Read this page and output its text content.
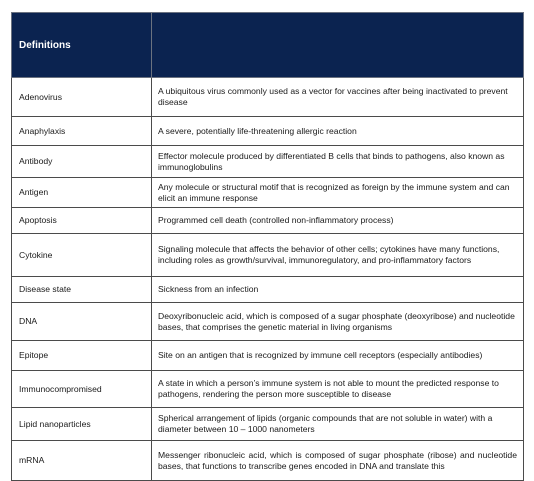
Definitions	
Adenovirus	A ubiquitous virus commonly used as a vector for vaccines after being inactivated to prevent disease
Anaphylaxis	A severe, potentially life-threatening allergic reaction
Antibody	Effector molecule produced by differentiated B cells that binds to pathogens, also known as immunoglobulins
Antigen	Any molecule or structural motif that is recognized as foreign by the immune system and can elicit an immune response
Apoptosis	Programmed cell death (controlled non-inflammatory process)
Cytokine	Signaling molecule that affects the behavior of other cells; cytokines have many functions, including roles as growth/survival, immunoregulatory, and pro-inflammatory factors
Disease state	Sickness from an infection
DNA	Deoxyribonucleic acid, which is composed of a sugar phosphate (deoxyribose) and nucleotide bases, that comprises the genetic material in living organisms
Epitope	Site on an antigen that is recognized by immune cell receptors (especially antibodies)
Immunocompromised	A state in which a person’s immune system is not able to mount the predicted response to pathogens, rendering the person more susceptible to disease
Lipid nanoparticles	Spherical arrangement of lipids (organic compounds that are not soluble in water) with a diameter between 10 – 1000 nanometers
mRNA	Messenger ribonucleic acid, which is composed of sugar phosphate (ribose) and nucleotide bases, that functions to transcribe genes encoded in DNA and translate this
